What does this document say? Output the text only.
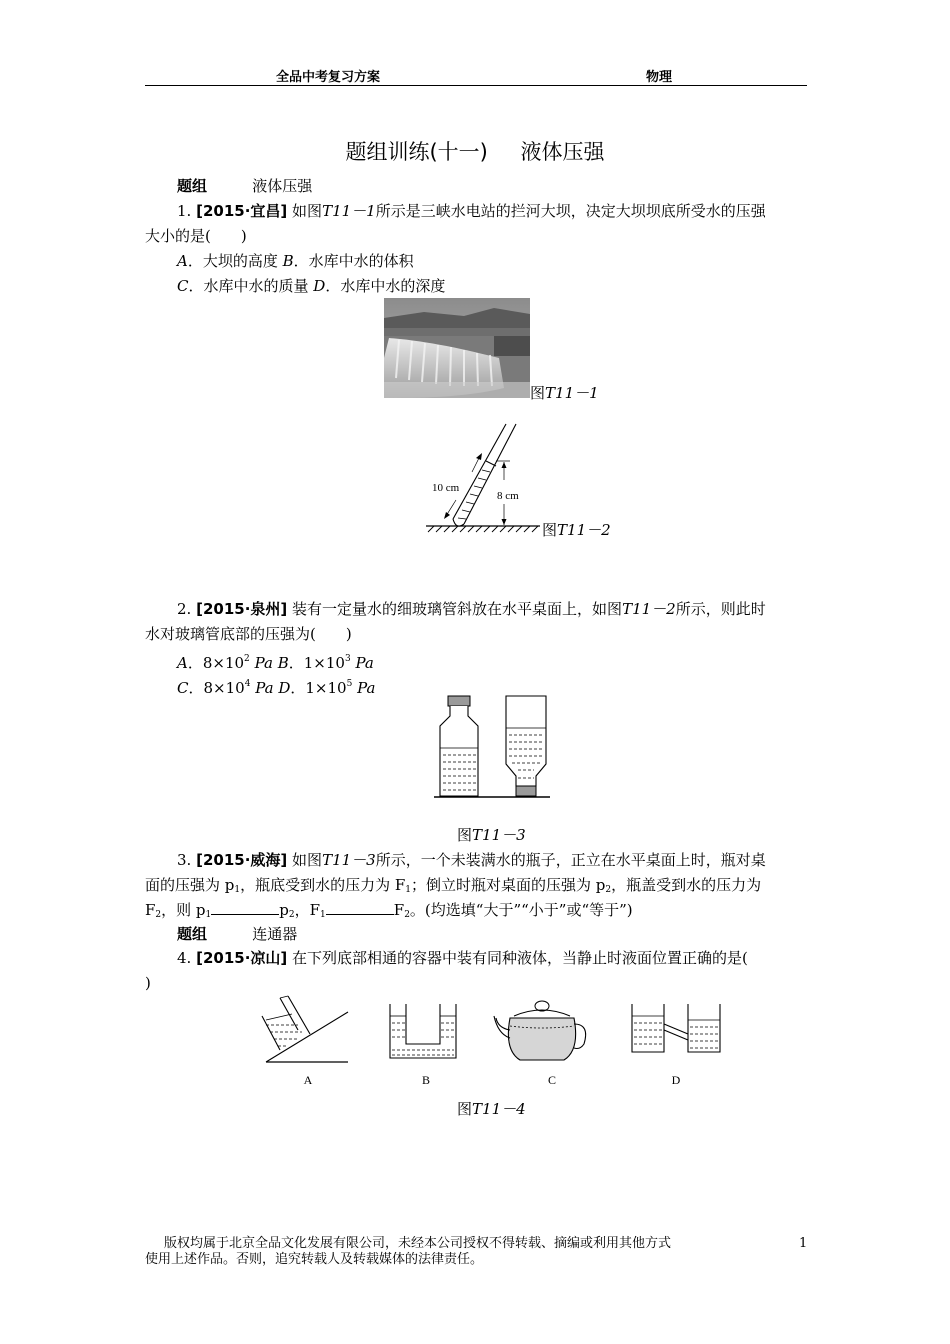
全品中考复习方案	物理
题组训练(十一) 液体压强
题组	液体压强
1. [2015·宜昌] 如图T11－1所示是三峡水电站的拦河大坝，决定大坝坝底所受水的压强
大小的是(　　)
A．大坝的高度 B．水库中水的体积
C．水库中水的质量 D．水库中水的深度
图T11－1
10 cm
8 cm
图T11－2
2. [2015·泉州] 装有一定量水的细玻璃管斜放在水平桌面上，如图T11－2所示，则此时
水对玻璃管底部的压强为(　　)
A．$8\times 10^2$ Pa B．$1\times 10^3$ Pa
C．$8\times 10^4$ Pa D．$1\times 10^5$ Pa
图T11－3
3. [2015·威海] 如图T11－3所示，一个未装满水的瓶子，正立在水平桌面上时，瓶对桌
面的压强为 $p_1$，瓶底受到水的压力为 $F_1$；倒立时瓶对桌面的压强为 $p_2$，瓶盖受到水的压力为
$F_2$，则 $p_1$	$p_2$，$F_1$	$F_2$。(均选填“大于”“小于”或“等于”)
题组	连通器
4. [2015·凉山] 在下列底部相通的容器中装有同种液体，当静止时液面位置正确的是(
)
A	B	C	D
图T11－4
版权均属于北京全品文化发展有限公司，未经本公司授权不得转载、摘编或利用其他方式
使用上述作品。否则，追究转载人及转载媒体的法律责任。
1
